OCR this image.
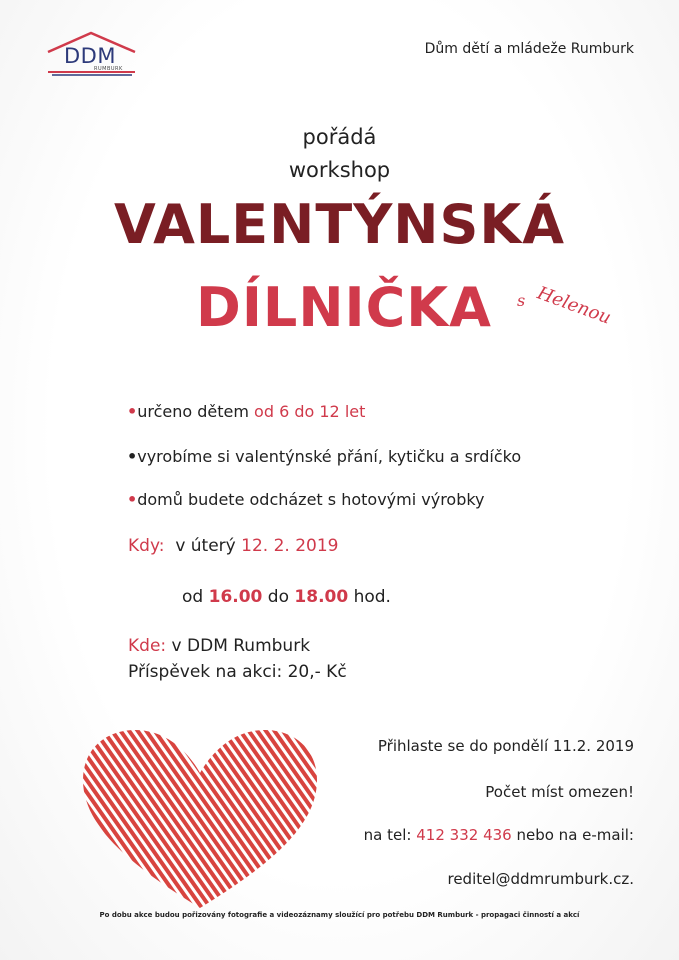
DDM
RUMBURK
Dům dětí a mládeže Rumburk
pořádá
workshop
VALENTÝNSKÁ
DÍLNIČKA s Helenou
•určeno dětem od 6 do 12 let
•vyrobíme si valentýnské přání, kytičku a srdíčko
•domů budete odcházet s hotovými výrobky
Kdy: v úterý 12. 2. 2019
od 16.00 do 18.00 hod.
Kde: v DDM Rumburk
Příspěvek na akci: 20,- Kč
Přihlaste se do pondělí 11.2. 2019
Počet míst omezen!
na tel: 412 332 436 nebo na e-mail:
reditel@ddmrumburk.cz.
Po dobu akce budou pořizovány fotografie a videozáznamy sloužící pro potřebu DDM Rumburk - propagaci činností a akcí
